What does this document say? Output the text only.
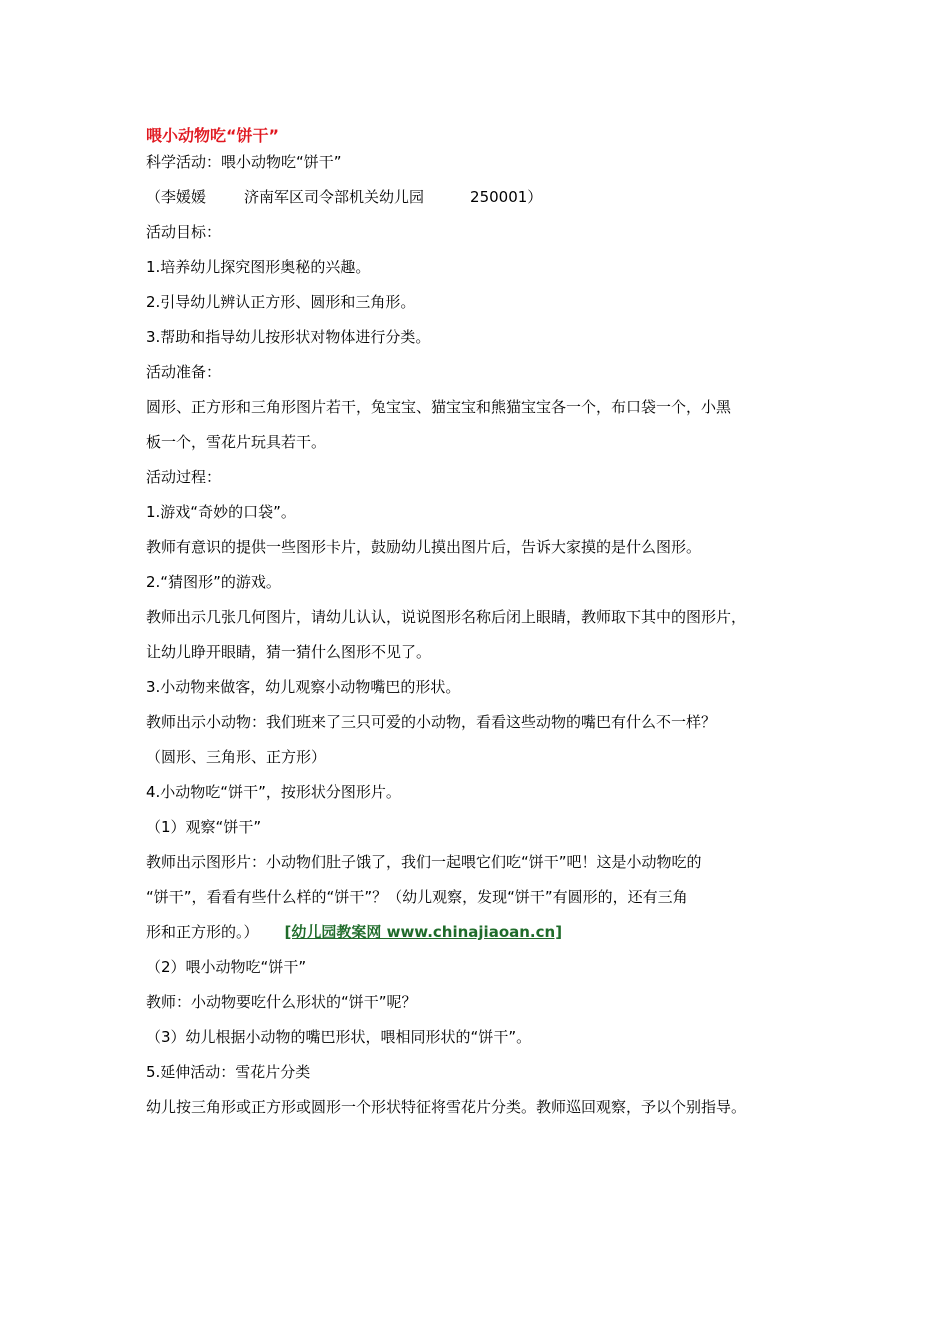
喂小动物吃“饼干”

科学活动：喂小动物吃“饼干”

（李媛媛	济南军区司令部机关幼儿园	250001）

活动目标：

1.培养幼儿探究图形奥秘的兴趣。

2.引导幼儿辨认正方形、圆形和三角形。

3.帮助和指导幼儿按形状对物体进行分类。

活动准备：

圆形、正方形和三角形图片若干，兔宝宝、猫宝宝和熊猫宝宝各一个，布口袋一个，小黑

板一个，雪花片玩具若干。

活动过程：

1.游戏“奇妙的口袋”。

教师有意识的提供一些图形卡片，鼓励幼儿摸出图片后，告诉大家摸的是什么图形。

2.“猜图形”的游戏。

教师出示几张几何图片，请幼儿认认，说说图形名称后闭上眼睛，教师取下其中的图形片，

让幼儿睁开眼睛，猜一猜什么图形不见了。

3.小动物来做客，幼儿观察小动物嘴巴的形状。

教师出示小动物：我们班来了三只可爱的小动物，看看这些动物的嘴巴有什么不一样？

（圆形、三角形、正方形）

4.小动物吃“饼干”，按形状分图形片。

（1）观察“饼干”

教师出示图形片：小动物们肚子饿了，我们一起喂它们吃“饼干”吧！这是小动物吃的

“饼干”，看看有些什么样的“饼干”？（幼儿观察，发现“饼干”有圆形的，还有三角

形和正方形的。） [幼儿园教案网 www.chinajiaoan.cn]

（2）喂小动物吃“饼干”

教师：小动物要吃什么形状的“饼干”呢？

（3）幼儿根据小动物的嘴巴形状，喂相同形状的“饼干”。

5.延伸活动：雪花片分类

幼儿按三角形或正方形或圆形一个形状特征将雪花片分类。教师巡回观察，予以个别指导。
